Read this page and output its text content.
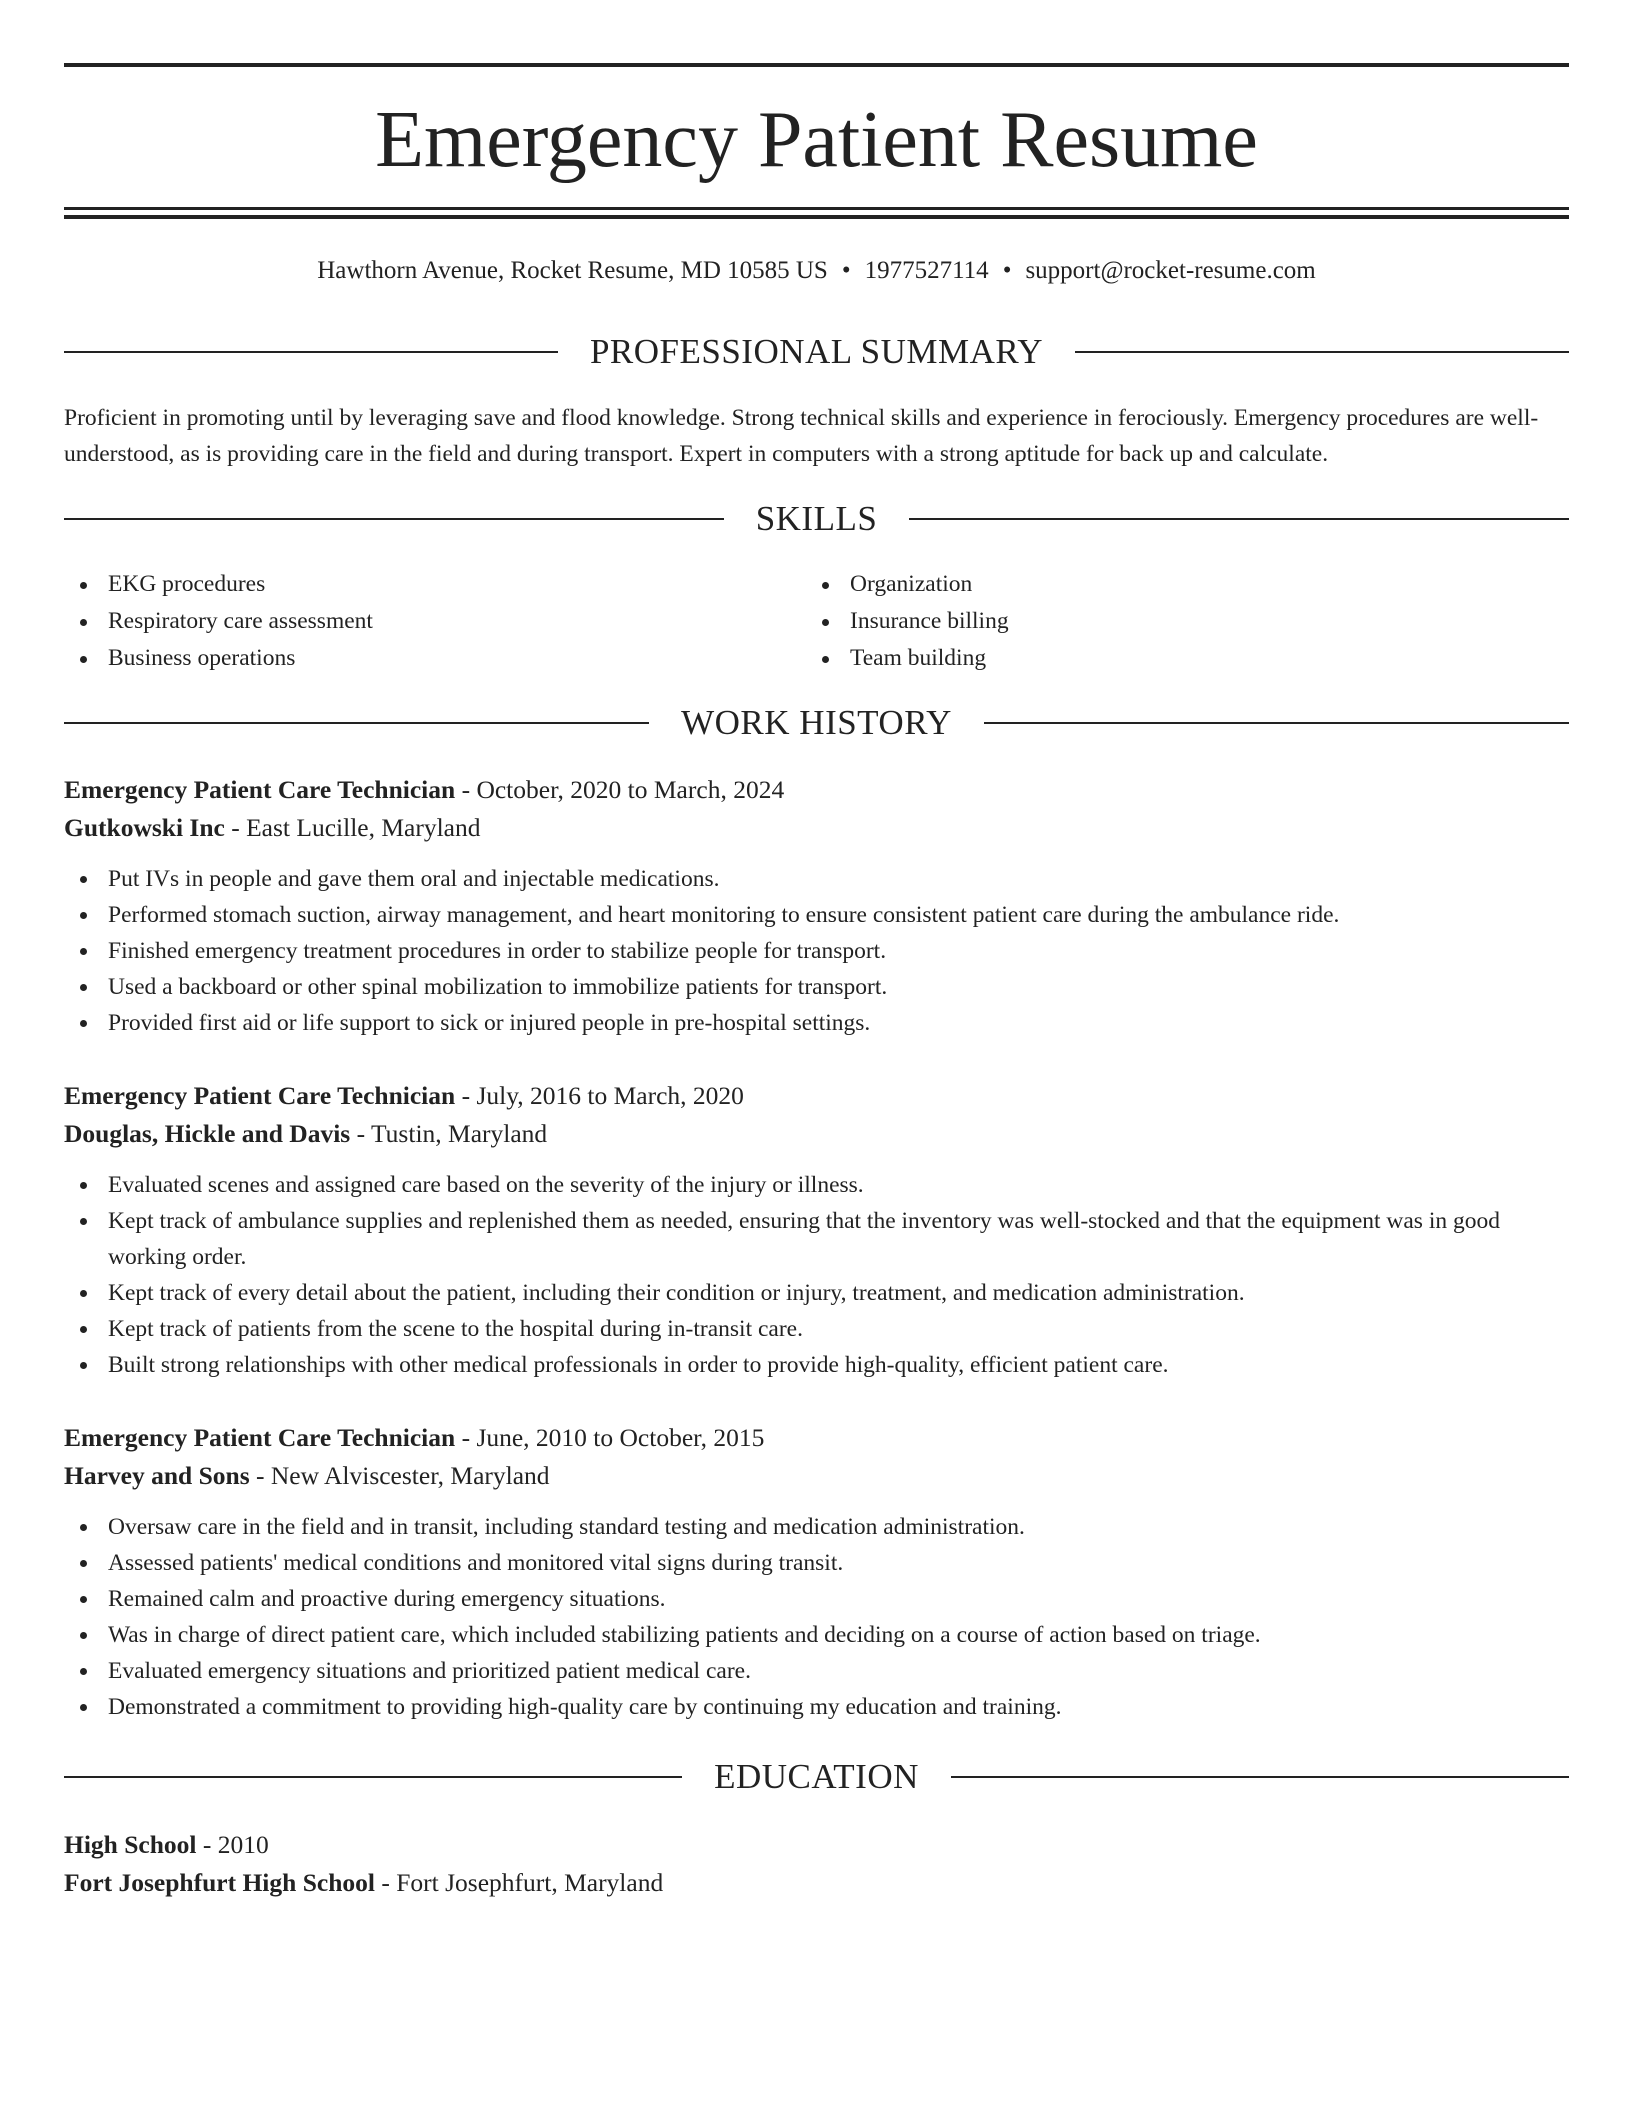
Emergency Patient Resume
Hawthorn Avenue, Rocket Resume, MD 10585 US • 1977527114 • support@rocket-resume.com
PROFESSIONAL SUMMARY

Proficient in promoting until by leveraging save and flood knowledge. Strong technical skills and experience in ferociously. Emergency procedures are well-understood, as is providing care in the field and during transport. Expert in computers with a strong aptitude for back up and calculate.

SKILLS
EKG procedures
Respiratory care assessment
Business operations
Organization
Insurance billing
Team building
WORK HISTORY
Emergency Patient Care Technician - October, 2020 to March, 2024
Gutkowski Inc - East Lucille, Maryland
Put IVs in people and gave them oral and injectable medications.
Performed stomach suction, airway management, and heart monitoring to ensure consistent patient care during the ambulance ride.
Finished emergency treatment procedures in order to stabilize people for transport.
Used a backboard or other spinal mobilization to immobilize patients for transport.
Provided first aid or life support to sick or injured people in pre-hospital settings.
Emergency Patient Care Technician - July, 2016 to March, 2020
Douglas, Hickle and Davis - Tustin, Maryland
Evaluated scenes and assigned care based on the severity of the injury or illness.
Kept track of ambulance supplies and replenished them as needed, ensuring that the inventory was well-stocked and that the equipment was in good working order.
Kept track of every detail about the patient, including their condition or injury, treatment, and medication administration.
Kept track of patients from the scene to the hospital during in-transit care.
Built strong relationships with other medical professionals in order to provide high-quality, efficient patient care.
Emergency Patient Care Technician - June, 2010 to October, 2015
Harvey and Sons - New Alviscester, Maryland
Oversaw care in the field and in transit, including standard testing and medication administration.
Assessed patients' medical conditions and monitored vital signs during transit.
Remained calm and proactive during emergency situations.
Was in charge of direct patient care, which included stabilizing patients and deciding on a course of action based on triage.
Evaluated emergency situations and prioritized patient medical care.
Demonstrated a commitment to providing high-quality care by continuing my education and training.
EDUCATION
High School - 2010
Fort Josephfurt High School - Fort Josephfurt, Maryland
